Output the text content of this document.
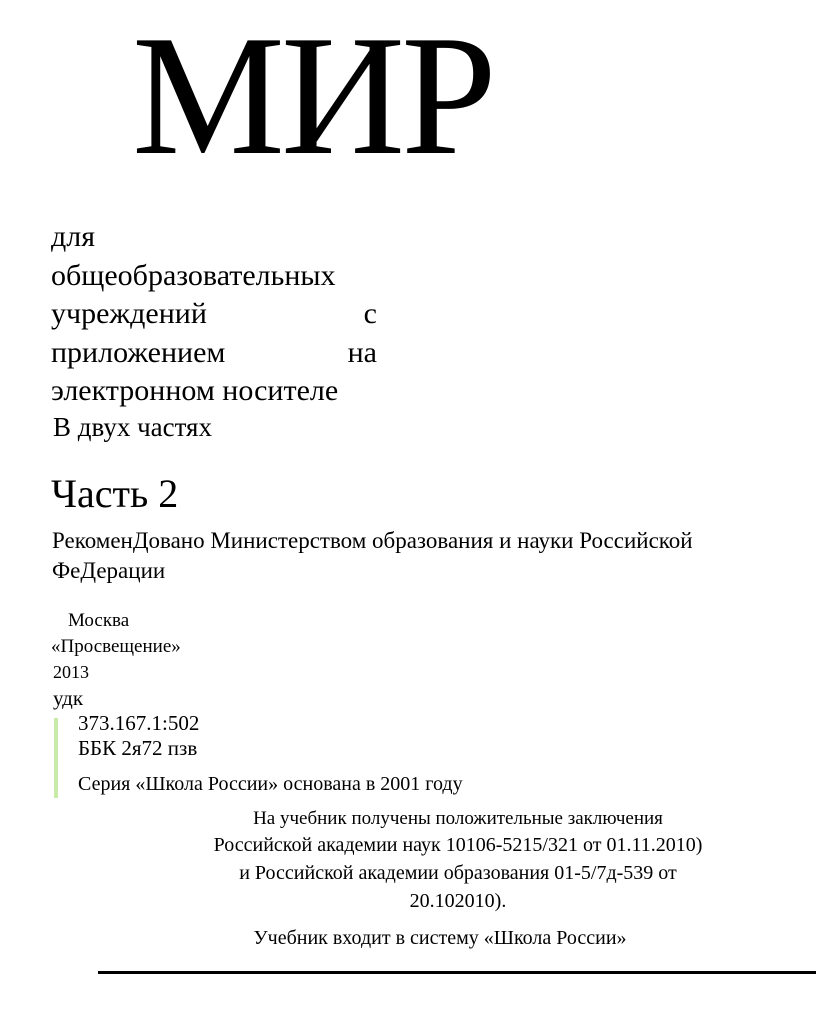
МИР
для
общеобразовательных
учреждений	с
приложением	на
электронном носителе
В двух частях
Часть 2
РекоменДовано Министерством образования и науки Российской
ФеДерации
Москва
«Просвещение»
2013
удк
373.167.1:502
ББК 2я72 пзв
Серия «Школа России» основана в 2001 году
На учебник получены положительные заключения
Российской академии наук 10106-5215/321 от 01.11.2010)
и Российской академии образования 01-5/7д-539 от
20.102010).
Учебник входит в систему «Школа России»
